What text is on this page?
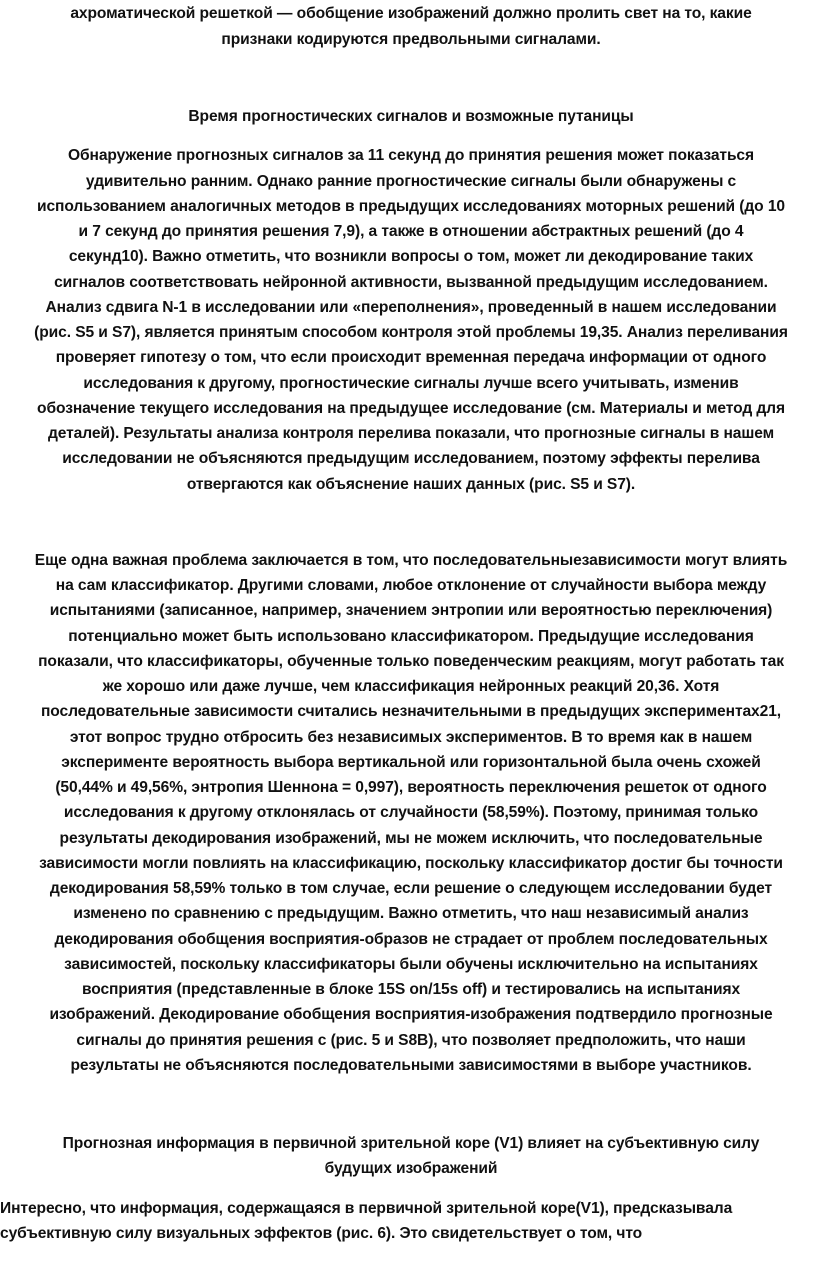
ахроматической решеткой — обобщение изображений должно пролить свет на то, какие
признаки кодируются предвольными сигналами.
Время прогностических сигналов и возможные путаницы
Обнаружение прогнозных сигналов за 11 секунд до принятия решения может показаться
удивительно ранним. Однако ранние прогностические сигналы были обнаружены с
использованием аналогичных методов в предыдущих исследованиях моторных решений (до 10
и 7 секунд до принятия решения 7,9), а также в отношении абстрактных решений (до 4
секунд10). Важно отметить, что возникли вопросы о том, может ли декодирование таких
сигналов соответствовать нейронной активности, вызванной предыдущим исследованием.
Анализ сдвига N-1 в исследовании или «переполнения», проведенный в нашем исследовании
(рис. S5 и S7), является принятым способом контроля этой проблемы 19,35. Анализ переливания
проверяет гипотезу о том, что если происходит временная передача информации от одного
исследования к другому, прогностические сигналы лучше всего учитывать, изменив
обозначение текущего исследования на предыдущее исследование (см. Материалы и метод для
деталей). Результаты анализа контроля перелива показали, что прогнозные сигналы в нашем
исследовании не объясняются предыдущим исследованием, поэтому эффекты перелива
отвергаются как объяснение наших данных (рис. S5 и S7).
Еще одна важная проблема заключается в том, что последовательныезависимости могут влиять
на сам классификатор. Другими словами, любое отклонение от случайности выбора между
испытаниями (записанное, например, значением энтропии или вероятностью переключения)
потенциально может быть использовано классификатором. Предыдущие исследования
показали, что классификаторы, обученные только поведенческим реакциям, могут работать так
же хорошо или даже лучше, чем классификация нейронных реакций 20,36. Хотя
последовательные зависимости считались незначительными в предыдущих экспериментах21,
этот вопрос трудно отбросить без независимых экспериментов. В то время как в нашем
эксперименте вероятность выбора вертикальной или горизонтальной была очень схожей
(50,44% и 49,56%, энтропия Шеннона = 0,997), вероятность переключения решеток от одного
исследования к другому отклонялась от случайности (58,59%). Поэтому, принимая только
результаты декодирования изображений, мы не можем исключить, что последовательные
зависимости могли повлиять на классификацию, поскольку классификатор достиг бы точности
декодирования 58,59% только в том случае, если решение о следующем исследовании будет
изменено по сравнению с предыдущим. Важно отметить, что наш независимый анализ
декодирования обобщения восприятия-образов не страдает от проблем последовательных
зависимостей, поскольку классификаторы были обучены исключительно на испытаниях
восприятия (представленные в блоке 15S on/15s off) и тестировались на испытаниях
изображений. Декодирование обобщения восприятия-изображения подтвердило прогнозные
сигналы до принятия решения с (рис. 5 и S8B), что позволяет предположить, что наши
результаты не объясняются последовательными зависимостями в выборе участников.
Прогнозная информация в первичной зрительной коре (V1) влияет на субъективную силу
будущих изображений
Интересно, что информация, содержащаяся в первичной зрительной коре(V1), предсказывала
субъективную силу визуальных эффектов (рис. 6). Это свидетельствует о том, что
